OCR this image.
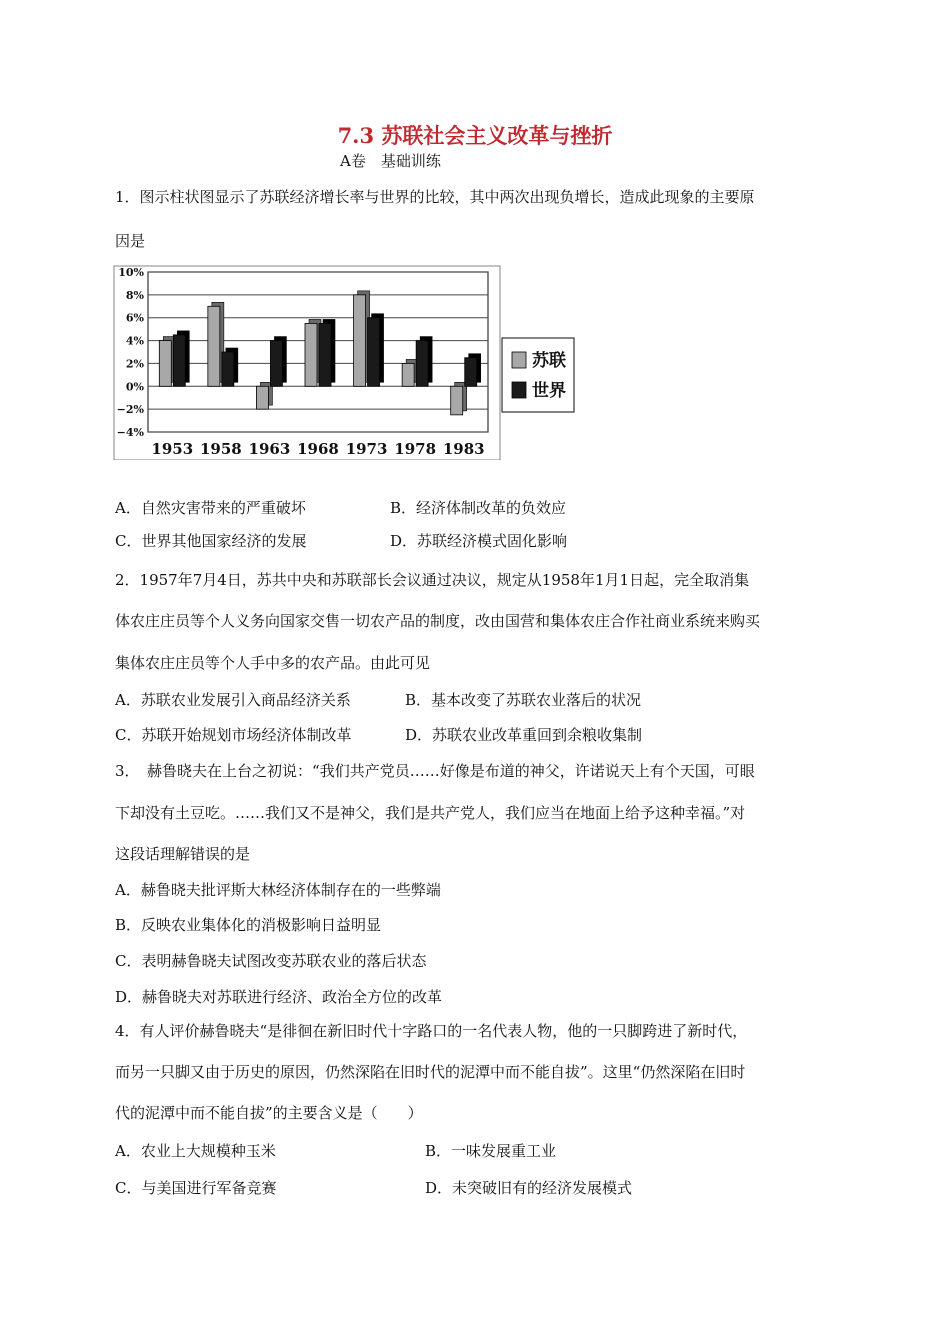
7.3 苏联社会主义改革与挫折
A卷　基础训练
1．图示柱状图显示了苏联经济增长率与世界的比较，其中两次出现负增长，造成此现象的主要原
因是
10%
8%
6%
4%
2%
0%
−2%
−4%
1953 1958 1963 1968 1973 1978 1983
苏联
世界
A．自然灾害带来的严重破坏	B．经济体制改革的负效应
C．世界其他国家经济的发展	D．苏联经济模式固化影响
2．1957年7月4日，苏共中央和苏联部长会议通过决议，规定从1958年1月1日起，完全取消集
体农庄庄员等个人义务向国家交售一切农产品的制度，改由国营和集体农庄合作社商业系统来购买
集体农庄庄员等个人手中多的农产品。由此可见
A．苏联农业发展引入商品经济关系	B．基本改变了苏联农业落后的状况
C．苏联开始规划市场经济体制改革	D．苏联农业改革重回到余粮收集制
3．　赫鲁晓夫在上台之初说：“我们共产党员……好像是布道的神父，许诺说天上有个天国，可眼
下却没有土豆吃。……我们又不是神父，我们是共产党人，我们应当在地面上给予这种幸福。”对
这段话理解错误的是
A．赫鲁晓夫批评斯大林经济体制存在的一些弊端
B．反映农业集体化的消极影响日益明显
C．表明赫鲁晓夫试图改变苏联农业的落后状态
D．赫鲁晓夫对苏联进行经济、政治全方位的改革
4．有人评价赫鲁晓夫“是徘徊在新旧时代十字路口的一名代表人物，他的一只脚跨进了新时代，
而另一只脚又由于历史的原因，仍然深陷在旧时代的泥潭中而不能自拔”。这里“仍然深陷在旧时
代的泥潭中而不能自拔”的主要含义是（　　）
A．农业上大规模种玉米	B．一味发展重工业
C．与美国进行军备竞赛	D．未突破旧有的经济发展模式
